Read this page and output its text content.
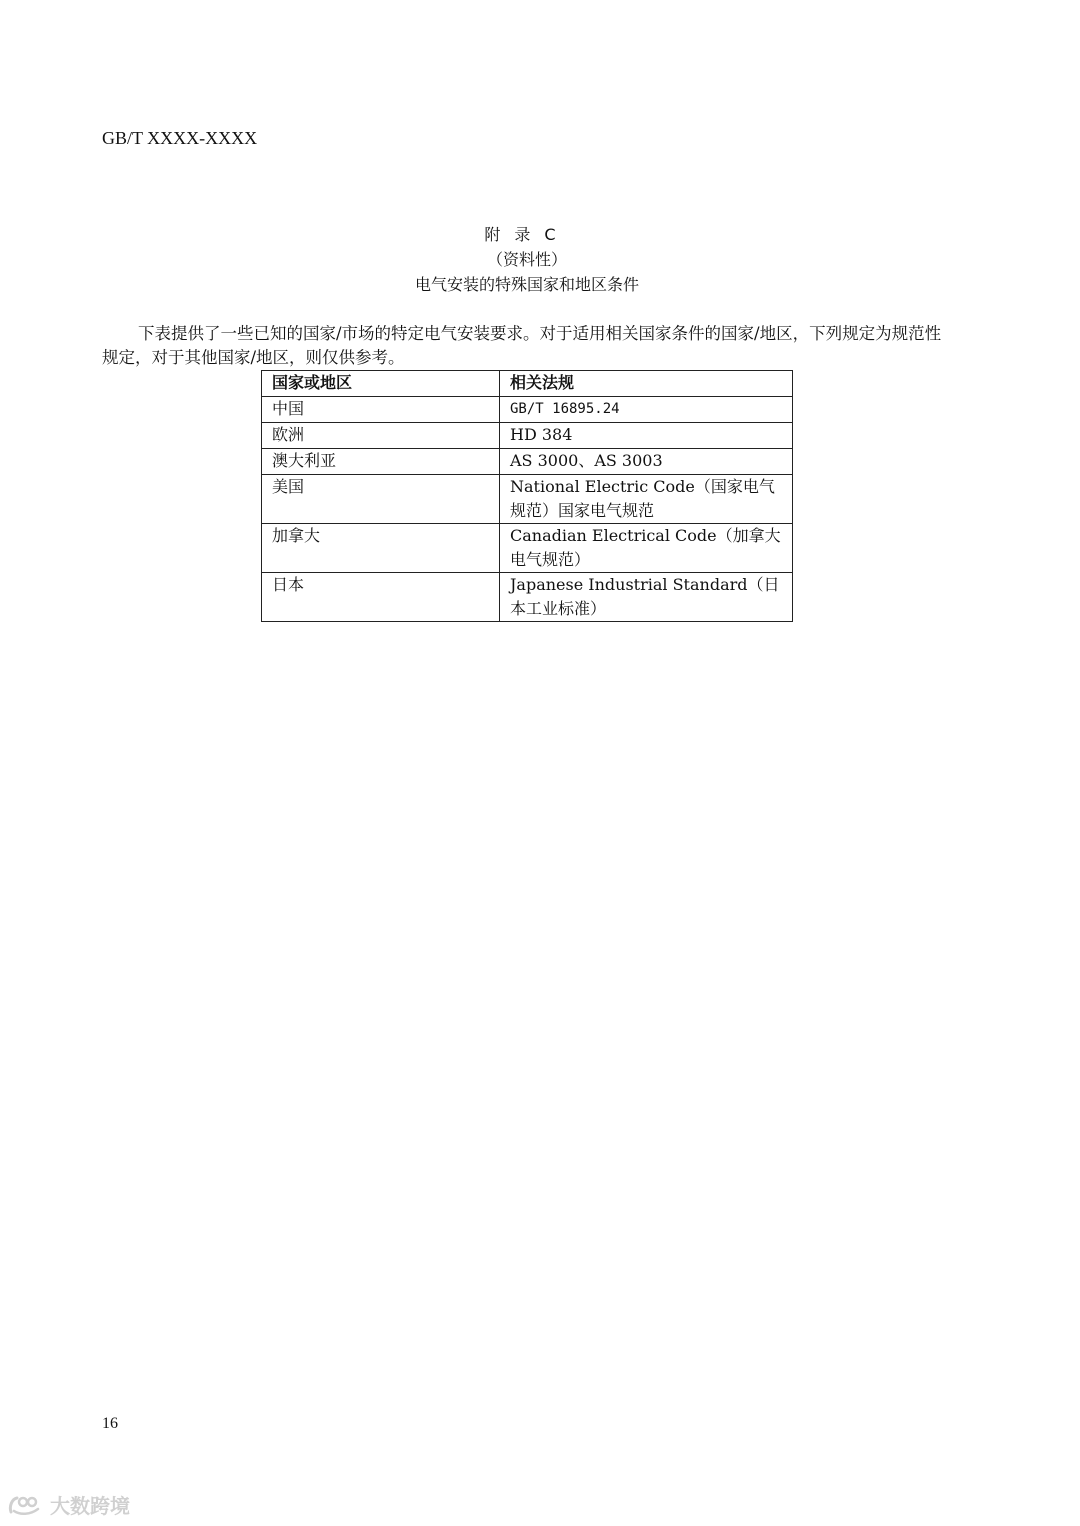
GB/T XXXX-XXXX
附录C
（资料性）
电气安装的特殊国家和地区条件
下表提供了一些已知的国家/市场的特定电气安装要求。对于适用相关国家条件的国家/地区，下列规定为规范性规定，对于其他国家/地区，则仅供参考。
国家或地区	相关法规
中国	GB/T 16895.24
欧洲	HD 384
澳大利亚	AS 3000、AS 3003
美国	National Electric Code（国家电气规范）国家电气规范
加拿大	Canadian Electrical Code（加拿大电气规范）
日本	Japanese Industrial Standard（日本工业标准）
16
大数跨境
